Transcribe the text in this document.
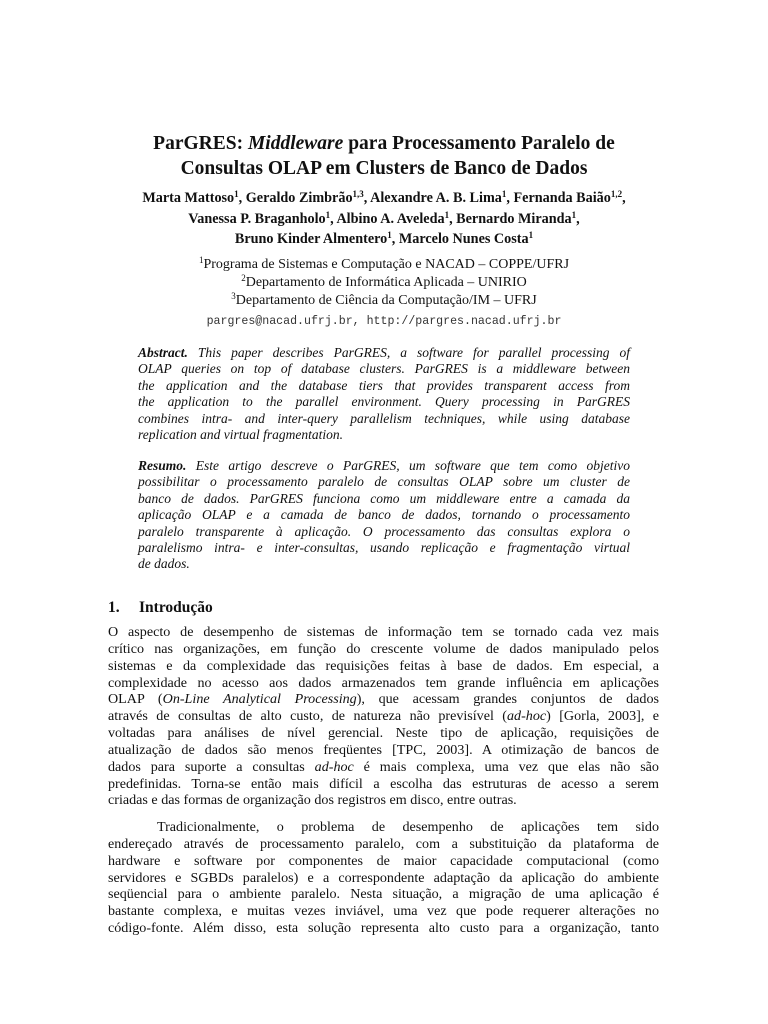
ParGRES: Middleware para Processamento Paralelo de
Consultas OLAP em Clusters de Banco de Dados
Marta Mattoso$^1$, Geraldo Zimbrão$^{1,3}$, Alexandre A. B. Lima$^1$, Fernanda Baião$^{1,2}$,
Vanessa P. Braganholo$^1$, Albino A. Aveleda$^1$, Bernardo Miranda$^1$,
Bruno Kinder Almentero$^1$, Marcelo Nunes Costa$^1$
$^1$Programa de Sistemas e Computação e NACAD – COPPE/UFRJ
$^2$Departamento de Informática Aplicada – UNIRIO
$^3$Departamento de Ciência da Computação/IM – UFRJ
pargres@nacad.ufrj.br, http://pargres.nacad.ufrj.br
Abstract. This paper describes ParGRES, a software for parallel processing of
OLAP queries on top of database clusters. ParGRES is a middleware between
the application and the database tiers that provides transparent access from
the application to the parallel environment. Query processing in ParGRES
combines intra- and inter-query parallelism techniques, while using database
replication and virtual fragmentation.
Resumo. Este artigo descreve o ParGRES, um software que tem como objetivo
possibilitar o processamento paralelo de consultas OLAP sobre um cluster de
banco de dados. ParGRES funciona como um middleware entre a camada da
aplicação OLAP e a camada de banco de dados, tornando o processamento
paralelo transparente à aplicação. O processamento das consultas explora o
paralelismo intra- e inter-consultas, usando replicação e fragmentação virtual
de dados.
1. Introdução
O aspecto de desempenho de sistemas de informação tem se tornado cada vez mais
crítico nas organizações, em função do crescente volume de dados manipulado pelos
sistemas e da complexidade das requisições feitas à base de dados. Em especial, a
complexidade no acesso aos dados armazenados tem grande influência em aplicações
OLAP (On-Line Analytical Processing), que acessam grandes conjuntos de dados
através de consultas de alto custo, de natureza não previsível (ad-hoc) [Gorla, 2003], e
voltadas para análises de nível gerencial. Neste tipo de aplicação, requisições de
atualização de dados são menos freqüentes [TPC, 2003]. A otimização de bancos de
dados para suporte a consultas ad-hoc é mais complexa, uma vez que elas não são
predefinidas. Torna-se então mais difícil a escolha das estruturas de acesso a serem
criadas e das formas de organização dos registros em disco, entre outras.
Tradicionalmente, o problema de desempenho de aplicações tem sido
endereçado através de processamento paralelo, com a substituição da plataforma de
hardware e software por componentes de maior capacidade computacional (como
servidores e SGBDs paralelos) e a correspondente adaptação da aplicação do ambiente
seqüencial para o ambiente paralelo. Nesta situação, a migração de uma aplicação é
bastante complexa, e muitas vezes inviável, uma vez que pode requerer alterações no
código-fonte. Além disso, esta solução representa alto custo para a organização, tanto
